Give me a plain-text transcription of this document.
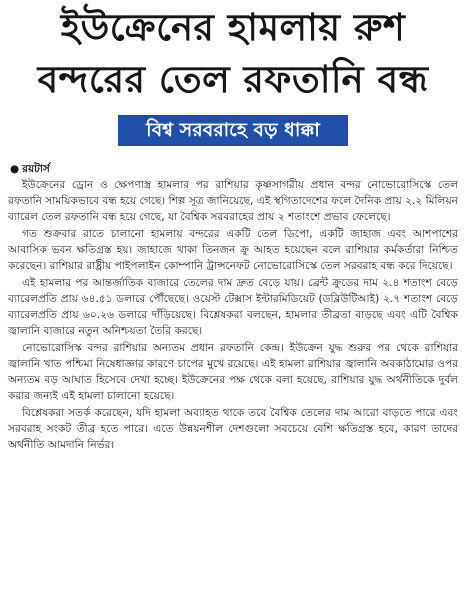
ইউক্রেনের হামলায় রুশ
বন্দরের তেল রফতানি বন্ধ
বিশ্ব সরবরাহে বড় ধাক্কা
● রয়টার্স

ইউক্রেনের ড্রোন ও ক্ষেপণাস্ত্র হামলার পর রাশিয়ার কৃষ্ণসাগরীয় প্রধান বন্দর নোভোরোসিস্কে তেল রফতানি সাময়িকভাবে বন্ধ হয়ে গেছে। শিল্প সূত্র জানিয়েছে, এই স্থগিতাদেশের ফলে দৈনিক প্রায় ২.২ মিলিয়ন ব্যারেল তেল রফতানি বন্ধ হয়ে গেছে, যা বৈশ্বিক সরবরাহের প্রায় ২ শতাংশে প্রভাব ফেলেছে।

গত শুক্রবার রাতে চালানো হামলায় বন্দরের একটি তেল ডিপো, একটি জাহাজ এবং আশপাশের আবাসিক ভবন ক্ষতিগ্রস্ত হয়। জাহাজে থাকা তিনজন ক্রু আহত হয়েছেন বলে রাশিয়ার কর্মকর্তারা নিশ্চিত করেছেন। রাশিয়ার রাষ্ট্রীয় পাইপলাইন কোম্পানি ট্রান্সনেফট নোভোরোসিস্কে তেল সরবরাহ বন্ধ করে দিয়েছে।

এই হামলার পর আন্তর্জাতিক বাজারে তেলের দাম দ্রুত বেড়ে যায়। ব্রেন্ট ক্রুডের দাম ২.৪ শতাংশ বেড়ে ব্যারেলপ্রতি প্রায় ৬৪.৫১ ডলারে পৌঁছেছে। ওয়েস্ট টেক্সাস ইন্টারমিডিয়েট (ডব্লিউটিআই) ২.৭ শতাংশ বেড়ে ব্যারেলপ্রতি প্রায় ৬০.২৬ ডলারে দাঁড়িয়েছে। বিশ্লেষকরা বলছেন, হামলার তীব্রতা বাড়ছে এবং এটি বৈশ্বিক জ্বালানি বাজারে নতুন অনিশ্চয়তা তৈরি করছে।

নোভোরোসিস্ক বন্দর রাশিয়ার অন্যতম প্রধান রফতানি কেন্দ্র। ইউক্রেন যুদ্ধ শুরুর পর থেকে রাশিয়ার জ্বালানি খাত পশ্চিমা নিষেধাজ্ঞার কারণে চাপের মুখে রয়েছে। এই হামলা রাশিয়ার জ্বালানি অবকাঠামোর ওপর অন্যতম বড় আঘাত হিসেবে দেখা হচ্ছে। ইউক্রেনের পক্ষ থেকে বলা হয়েছে, রাশিয়ার যুদ্ধ অর্থনীতিকে দুর্বল করার জন্যই এই হামলা চালানো হয়েছে।

বিশ্লেষকরা সতর্ক করেছেন, যদি হামলা অব্যাহত থাকে তবে বৈশ্বিক তেলের দাম আরো বাড়তে পারে এবং সরবরাহ সংকট তীব্র হতে পারে। এতে উন্নয়নশীল দেশগুলো সবচেয়ে বেশি ক্ষতিগ্রস্ত হবে, কারণ তাদের অর্থনীতি আমদানি নির্ভর।
